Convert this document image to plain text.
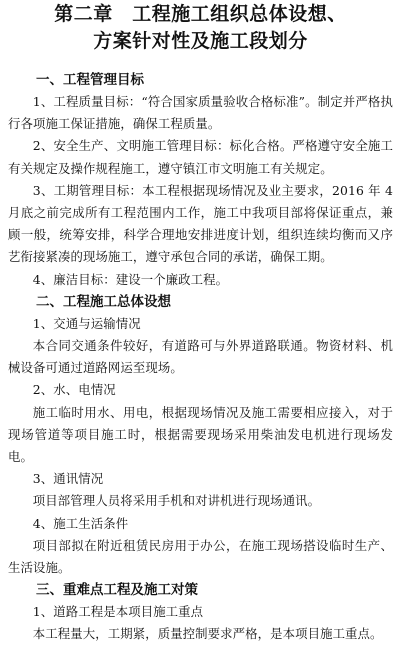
第二章　工程施工组织总体设想、
方案针对性及施工段划分
一、工程管理目标

1、工程质量目标：“符合国家质量验收合格标准”。制定并严格执行各项施工保证措施，确保工程质量。

2、安全生产、文明施工管理目标：标化合格。严格遵守安全施工有关规定及操作规程施工，遵守镇江市文明施工有关规定。

3、工期管理目标：本工程根据现场情况及业主要求，2016 年 4 月底之前完成所有工程范围内工作，施工中我项目部将保证重点，兼顾一般，统筹安排，科学合理地安排进度计划，组织连续均衡而又序艺衔接紧凑的现场施工，遵守承包合同的承诺，确保工期。

4、廉洁目标：建设一个廉政工程。

二、工程施工总体设想

1、交通与运输情况

本合同交通条件较好，有道路可与外界道路联通。物资材料、机械设备可通过道路网运至现场。

2、水、电情况

施工临时用水、用电，根据现场情况及施工需要相应接入，对于现场管道等项目施工时，根据需要现场采用柴油发电机进行现场发电。

3、通讯情况

项目部管理人员将采用手机和对讲机进行现场通讯。

4、施工生活条件

项目部拟在附近租赁民房用于办公，在施工现场搭设临时生产、生活设施。

三、重难点工程及施工对策

1、道路工程是本项目施工重点

本工程量大，工期紧，质量控制要求严格，是本项目施工重点。
